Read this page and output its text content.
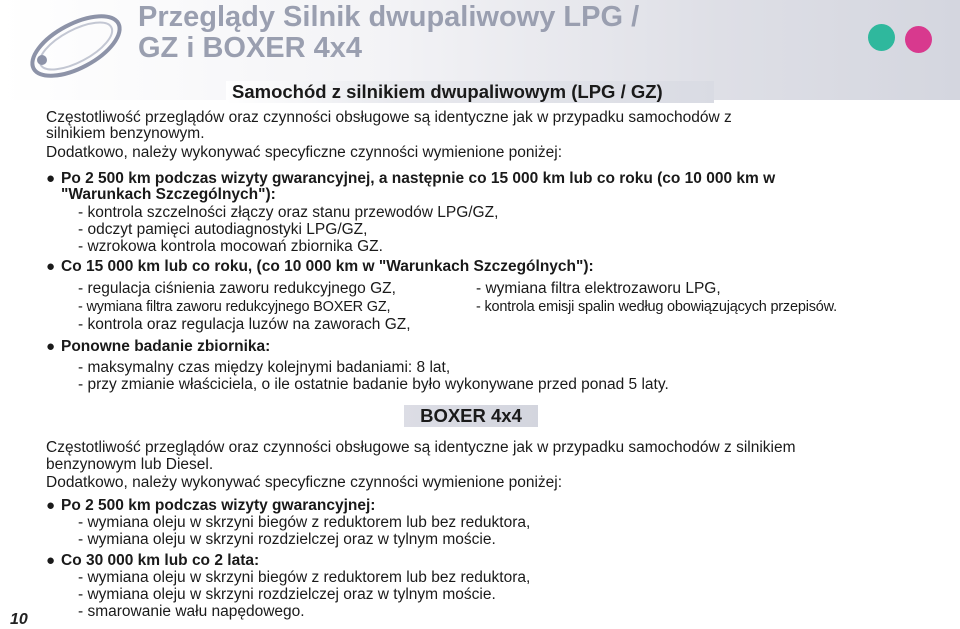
Przeglądy Silnik dwupaliwowy LPG /
GZ i BOXER 4x4
Samochód z silnikiem dwupaliwowym (LPG / GZ)
Częstotliwość przeglądów oraz czynności obsługowe są identyczne jak w przypadku samochodów z
silnikiem benzynowym.
Dodatkowo, należy wykonywać specyficzne czynności wymienione poniżej:
● Po 2 500 km podczas wizyty gwarancyjnej, a następnie co 15 000 km lub co roku (co 10 000 km w
"Warunkach Szczególnych"):
- kontrola szczelności złączy oraz stanu przewodów LPG/GZ,
- odczyt pamięci autodiagnostyki LPG/GZ,
- wzrokowa kontrola mocowań zbiornika GZ.
● Co 15 000 km lub co roku, (co 10 000 km w "Warunkach Szczególnych"):
- regulacja ciśnienia zaworu redukcyjnego GZ,
- wymiana filtra zaworu redukcyjnego BOXER GZ,
- kontrola oraz regulacja luzów na zaworach GZ,
- wymiana filtra elektrozaworu LPG,
- kontrola emisji spalin według obowiązujących przepisów.
● Ponowne badanie zbiornika:
- maksymalny czas między kolejnymi badaniami: 8 lat,
- przy zmianie właściciela, o ile ostatnie badanie było wykonywane przed ponad 5 laty.
BOXER 4x4
Częstotliwość przeglądów oraz czynności obsługowe są identyczne jak w przypadku samochodów z silnikiem
benzynowym lub Diesel.
Dodatkowo, należy wykonywać specyficzne czynności wymienione poniżej:
● Po 2 500 km podczas wizyty gwarancyjnej:
- wymiana oleju w skrzyni biegów z reduktorem lub bez reduktora,
- wymiana oleju w skrzyni rozdzielczej oraz w tylnym moście.
● Co 30 000 km lub co 2 lata:
- wymiana oleju w skrzyni biegów z reduktorem lub bez reduktora,
- wymiana oleju w skrzyni rozdzielczej oraz w tylnym moście.
- smarowanie wału napędowego.
10
